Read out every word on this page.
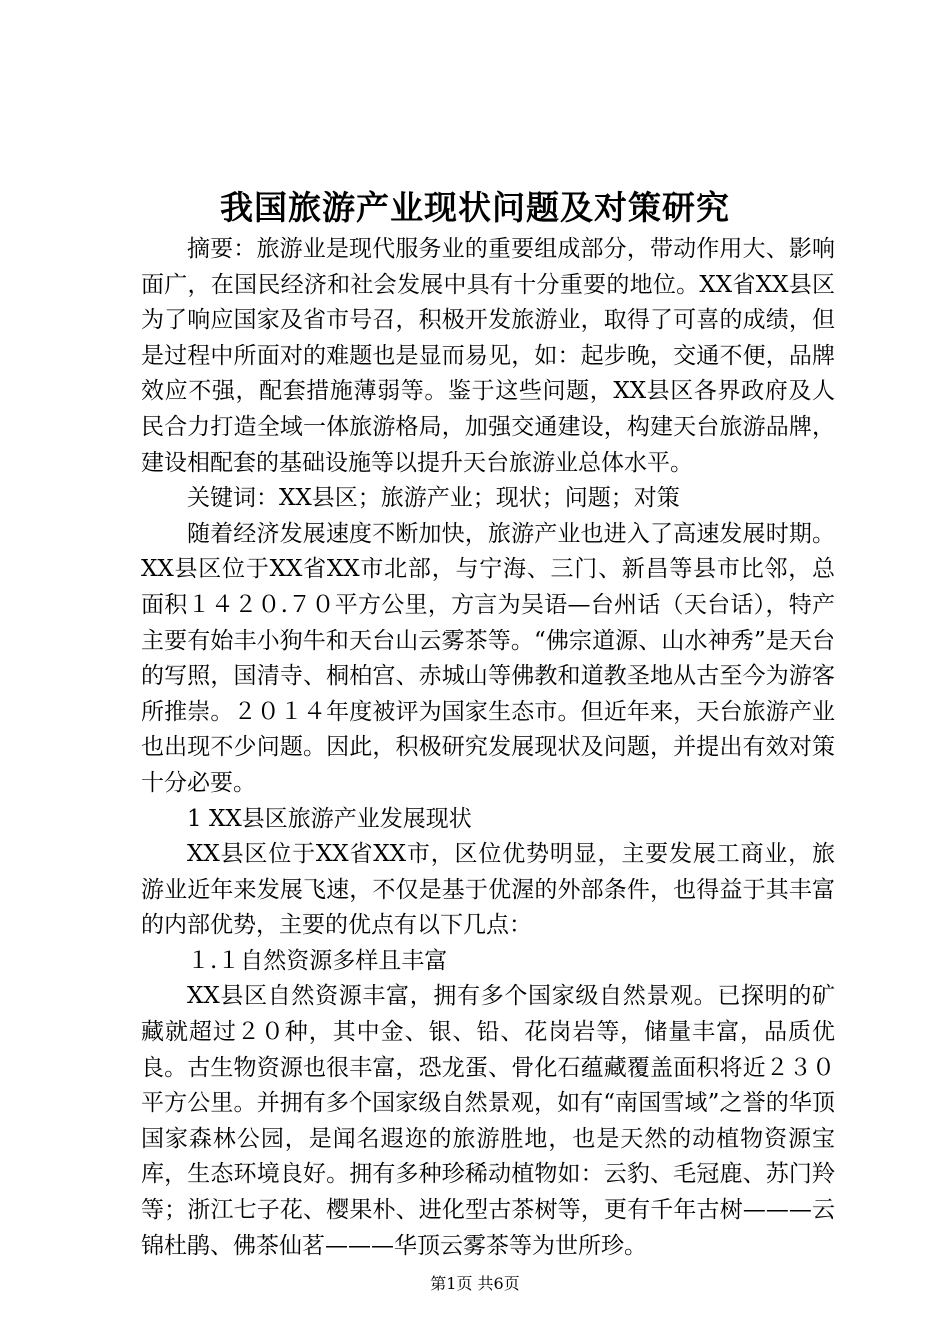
我国旅游产业现状问题及对策研究

摘要：旅游业是现代服务业的重要组成部分，带动作用大、影响面广，在国民经济和社会发展中具有十分重要的地位。XX省XX县区为了响应国家及省市号召，积极开发旅游业，取得了可喜的成绩，但是过程中所面对的难题也是显而易见，如：起步晚，交通不便，品牌效应不强，配套措施薄弱等。鉴于这些问题，XX县区各界政府及人民合力打造全域一体旅游格局，加强交通建设，构建天台旅游品牌，建设相配套的基础设施等以提升天台旅游业总体水平。

关键词：XX县区；旅游产业；现状；问题；对策

随着经济发展速度不断加快，旅游产业也进入了高速发展时期。XX县区位于XX省XX市北部，与宁海、三门、新昌等县市比邻，总面积１４２０.７０平方公里，方言为吴语—台州话（天台话），特产主要有始丰小狗牛和天台山云雾茶等。“佛宗道源、山水神秀”是天台的写照，国清寺、桐柏宫、赤城山等佛教和道教圣地从古至今为游客所推崇。２０１４年度被评为国家生态市。但近年来，天台旅游产业也出现不少问题。因此，积极研究发展现状及问题，并提出有效对策十分必要。

1 XX县区旅游产业发展现状

XX县区位于XX省XX市，区位优势明显，主要发展工商业，旅游业近年来发展飞速，不仅是基于优渥的外部条件，也得益于其丰富的内部优势，主要的优点有以下几点：

１.１自然资源多样且丰富

XX县区自然资源丰富，拥有多个国家级自然景观。已探明的矿藏就超过２０种，其中金、银、铅、花岗岩等，储量丰富，品质优良。古生物资源也很丰富，恐龙蛋、骨化石蕴藏覆盖面积将近２３０平方公里。并拥有多个国家级自然景观，如有“南国雪域”之誉的华顶国家森林公园，是闻名遐迩的旅游胜地，也是天然的动植物资源宝库，生态环境良好。拥有多种珍稀动植物如：云豹、毛冠鹿、苏门羚等；浙江七子花、樱果朴、进化型古茶树等，更有千年古树———云锦杜鹃、佛茶仙茗———华顶云雾茶等为世所珍。

第1页 共6页
